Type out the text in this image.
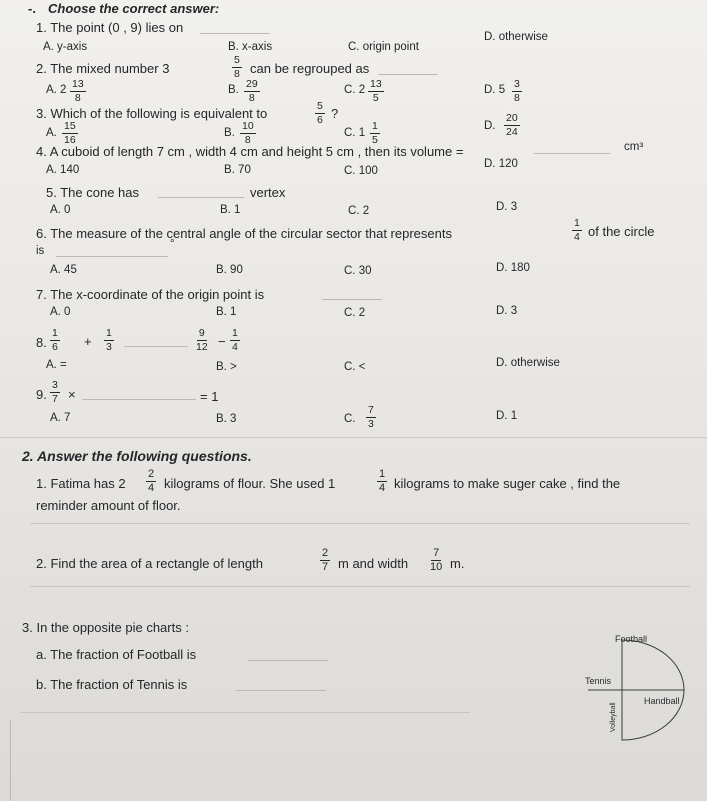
-. Choose the correct answer:
1. The point (0 , 9) lies on
A. y-axis	B. x-axis	C. origin point
D. otherwise
2. The mixed number 3	$\frac{5}{8}$ can be regrouped as
A. $2 \frac{13}{8}$	B. $\frac{29}{8}$	C. $2 \frac{13}{5}$	D. $5 \frac{3}{8}$
3. Which of the following is equivalent to	$\frac{5}{6}$ ?
A. $\frac{15}{16}$	B. $\frac{10}{8}$	C. $1 \frac{1}{5}$	D. $\frac{20}{24}$
4. A cuboid of length 7 cm , width 4 cm and height 5 cm , then its volume =	cm³
A. 140	B. 70	C. 100
D. 120
5. The cone has	vertex
A. 0	B. 1	C. 2	D. 3
6. The measure of the central angle of the circular sector that represents	$\frac{1}{4}$ of the circle
is
°
A. 45	B. 90	C. 30	D. 180
7. The x-coordinate of the origin point is
A. 0	B. 1	C. 2	D. 3
8. $\frac{1}{6} + \frac{1}{3}$	$\frac{9}{12} - \frac{1}{4}$
A. =	B. >	C. <	D. otherwise
9. $\frac{3}{7}$ ×	= 1
A. 7	B. 3	C. $\frac{7}{3}$	D. 1
2. Answer the following questions.
1. Fatima has $2 \frac{2}{4}$ kilograms of flour. She used 1	$\frac{1}{4}$ kilograms to make suger cake , find the
reminder amount of floor.
2. Find the area of a rectangle of length	$\frac{2}{7}$ m and width $\frac{7}{10} m$.
3. In the opposite pie charts :
a. The fraction of Football is
b. The fraction of Tennis is
Football
Tennis
Handball
Volleyball
